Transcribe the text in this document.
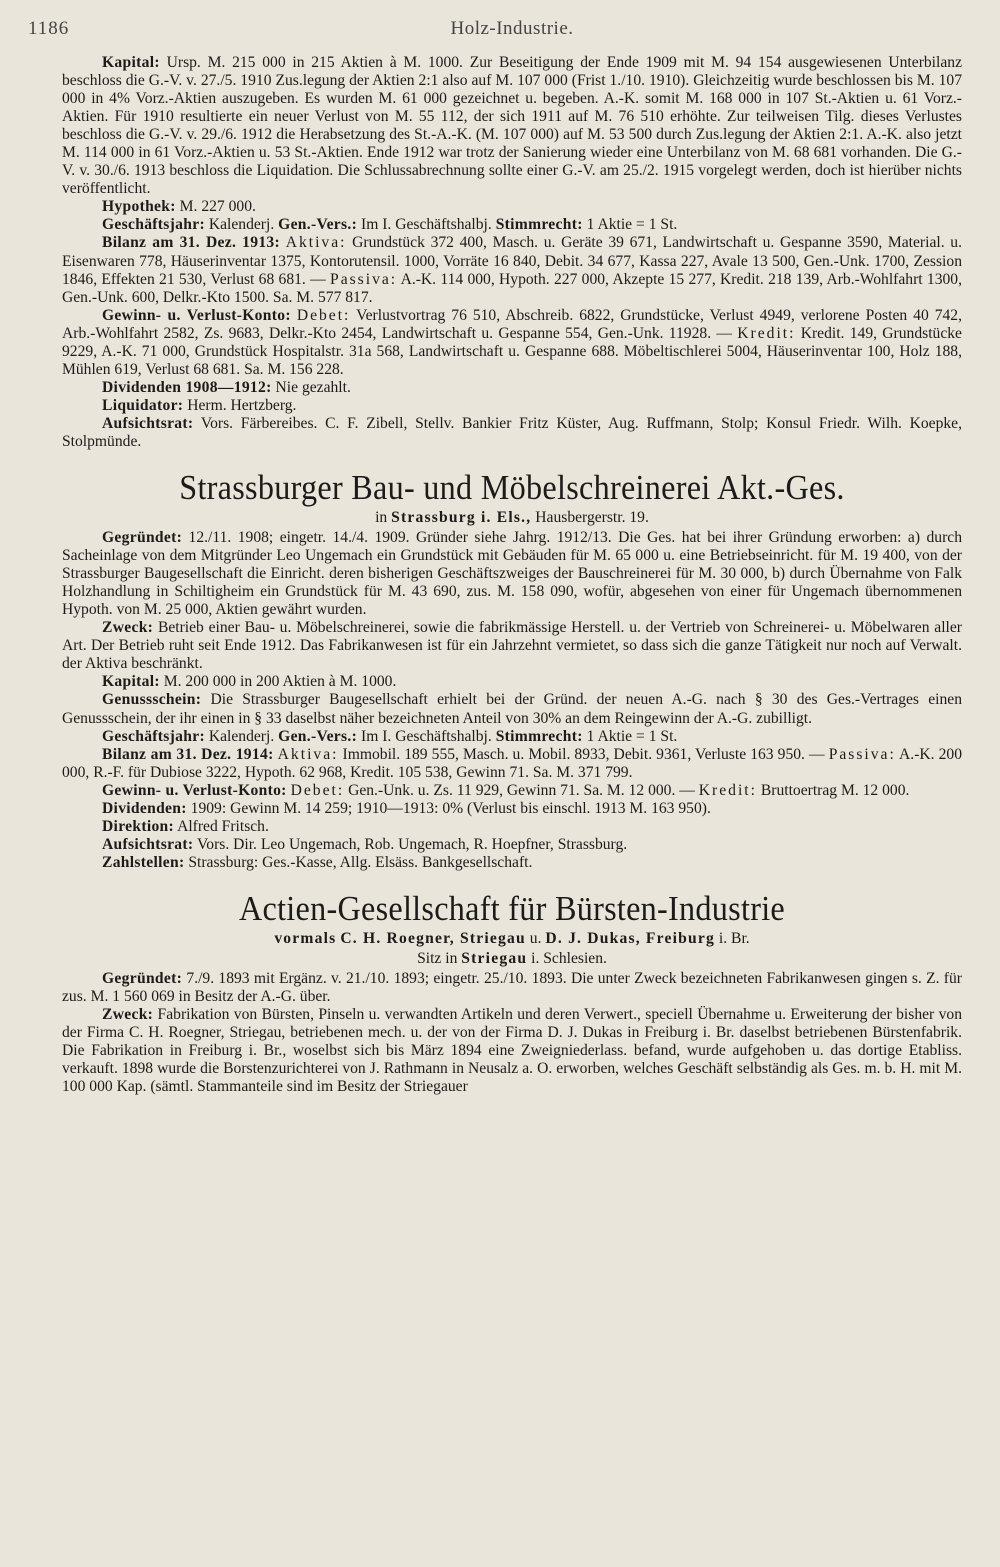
1186	Holz-Industrie.

Kapital: Ursp. M. 215 000 in 215 Aktien à M. 1000. Zur Beseitigung der Ende 1909 mit M. 94 154 ausgewiesenen Unterbilanz beschloss die G.-V. v. 27./5. 1910 Zus.legung der Aktien 2:1 also auf M. 107 000 (Frist 1./10. 1910). Gleichzeitig wurde beschlossen bis M. 107 000 in 4% Vorz.-Aktien auszugeben. Es wurden M. 61 000 gezeichnet u. begeben. A.-K. somit M. 168 000 in 107 St.-Aktien u. 61 Vorz.-Aktien. Für 1910 resultierte ein neuer Verlust von M. 55 112, der sich 1911 auf M. 76 510 erhöhte. Zur teilweisen Tilg. dieses Verlustes beschloss die G.-V. v. 29./6. 1912 die Herabsetzung des St.-A.-K. (M. 107 000) auf M. 53 500 durch Zus.legung der Aktien 2:1. A.-K. also jetzt M. 114 000 in 61 Vorz.-Aktien u. 53 St.-Aktien. Ende 1912 war trotz der Sanierung wieder eine Unterbilanz von M. 68 681 vorhanden. Die G.-V. v. 30./6. 1913 beschloss die Liquidation. Die Schlussabrechnung sollte einer G.-V. am 25./2. 1915 vorgelegt werden, doch ist hierüber nichts veröffentlicht.

Hypothek: M. 227 000.

Geschäftsjahr: Kalenderj. Gen.-Vers.: Im I. Geschäftshalbj. Stimmrecht: 1 Aktie = 1 St.

Bilanz am 31. Dez. 1913: Aktiva: Grundstück 372 400, Masch. u. Geräte 39 671, Landwirtschaft u. Gespanne 3590, Material. u. Eisenwaren 778, Häuserinventar 1375, Kontorutensil. 1000, Vorräte 16 840, Debit. 34 677, Kassa 227, Avale 13 500, Gen.-Unk. 1700, Zession 1846, Effekten 21 530, Verlust 68 681. — Passiva: A.-K. 114 000, Hypoth. 227 000, Akzepte 15 277, Kredit. 218 139, Arb.-Wohlfahrt 1300, Gen.-Unk. 600, Delkr.-Kto 1500. Sa. M. 577 817.

Gewinn- u. Verlust-Konto: Debet: Verlustvortrag 76 510, Abschreib. 6822, Grundstücke, Verlust 4949, verlorene Posten 40 742, Arb.-Wohlfahrt 2582, Zs. 9683, Delkr.-Kto 2454, Landwirtschaft u. Gespanne 554, Gen.-Unk. 11928. — Kredit: Kredit. 149, Grundstücke 9229, A.-K. 71 000, Grundstück Hospitalstr. 31a 568, Landwirtschaft u. Gespanne 688. Möbeltischlerei 5004, Häuserinventar 100, Holz 188, Mühlen 619, Verlust 68 681. Sa. M. 156 228.

Dividenden 1908—1912: Nie gezahlt.

Liquidator: Herm. Hertzberg.

Aufsichtsrat: Vors. Färbereibes. C. F. Zibell, Stellv. Bankier Fritz Küster, Aug. Ruffmann, Stolp; Konsul Friedr. Wilh. Koepke, Stolpmünde.

Strassburger Bau- und Möbelschreinerei Akt.-Ges.
in Strassburg i. Els., Hausbergerstr. 19.

Gegründet: 12./11. 1908; eingetr. 14./4. 1909. Gründer siehe Jahrg. 1912/13. Die Ges. hat bei ihrer Gründung erworben: a) durch Sacheinlage von dem Mitgründer Leo Ungemach ein Grundstück mit Gebäuden für M. 65 000 u. eine Betriebseinricht. für M. 19 400, von der Strassburger Baugesellschaft die Einricht. deren bisherigen Geschäftszweiges der Bauschreinerei für M. 30 000, b) durch Übernahme von Falk Holzhandlung in Schiltigheim ein Grundstück für M. 43 690, zus. M. 158 090, wofür, abgesehen von einer für Ungemach übernommenen Hypoth. von M. 25 000, Aktien gewährt wurden.

Zweck: Betrieb einer Bau- u. Möbelschreinerei, sowie die fabrikmässige Herstell. u. der Vertrieb von Schreinerei- u. Möbelwaren aller Art. Der Betrieb ruht seit Ende 1912. Das Fabrikanwesen ist für ein Jahrzehnt vermietet, so dass sich die ganze Tätigkeit nur noch auf Verwalt. der Aktiva beschränkt.

Kapital: M. 200 000 in 200 Aktien à M. 1000.

Genussschein: Die Strassburger Baugesellschaft erhielt bei der Gründ. der neuen A.-G. nach § 30 des Ges.-Vertrages einen Genussschein, der ihr einen in § 33 daselbst näher bezeichneten Anteil von 30% an dem Reingewinn der A.-G. zubilligt.

Geschäftsjahr: Kalenderj. Gen.-Vers.: Im I. Geschäftshalbj. Stimmrecht: 1 Aktie = 1 St.

Bilanz am 31. Dez. 1914: Aktiva: Immobil. 189 555, Masch. u. Mobil. 8933, Debit. 9361, Verluste 163 950. — Passiva: A.-K. 200 000, R.-F. für Dubiose 3222, Hypoth. 62 968, Kredit. 105 538, Gewinn 71. Sa. M. 371 799.

Gewinn- u. Verlust-Konto: Debet: Gen.-Unk. u. Zs. 11 929, Gewinn 71. Sa. M. 12 000. — Kredit: Bruttoertrag M. 12 000.

Dividenden: 1909: Gewinn M. 14 259; 1910—1913: 0% (Verlust bis einschl. 1913 M. 163 950).

Direktion: Alfred Fritsch.

Aufsichtsrat: Vors. Dir. Leo Ungemach, Rob. Ungemach, R. Hoepfner, Strassburg.

Zahlstellen: Strassburg: Ges.-Kasse, Allg. Elsäss. Bankgesellschaft.

Actien-Gesellschaft für Bürsten-Industrie
vormals C. H. Roegner, Striegau u. D. J. Dukas, Freiburg i. Br.
Sitz in Striegau i. Schlesien.

Gegründet: 7./9. 1893 mit Ergänz. v. 21./10. 1893; eingetr. 25./10. 1893. Die unter Zweck bezeichneten Fabrikanwesen gingen s. Z. für zus. M. 1 560 069 in Besitz der A.-G. über.

Zweck: Fabrikation von Bürsten, Pinseln u. verwandten Artikeln und deren Verwert., speciell Übernahme u. Erweiterung der bisher von der Firma C. H. Roegner, Striegau, betriebenen mech. u. der von der Firma D. J. Dukas in Freiburg i. Br. daselbst betriebenen Bürstenfabrik. Die Fabrikation in Freiburg i. Br., woselbst sich bis März 1894 eine Zweigniederlass. befand, wurde aufgehoben u. das dortige Etabliss. verkauft. 1898 wurde die Borstenzurichterei von J. Rathmann in Neusalz a. O. erworben, welches Geschäft selbständig als Ges. m. b. H. mit M. 100 000 Kap. (sämtl. Stammanteile sind im Besitz der Striegauer
